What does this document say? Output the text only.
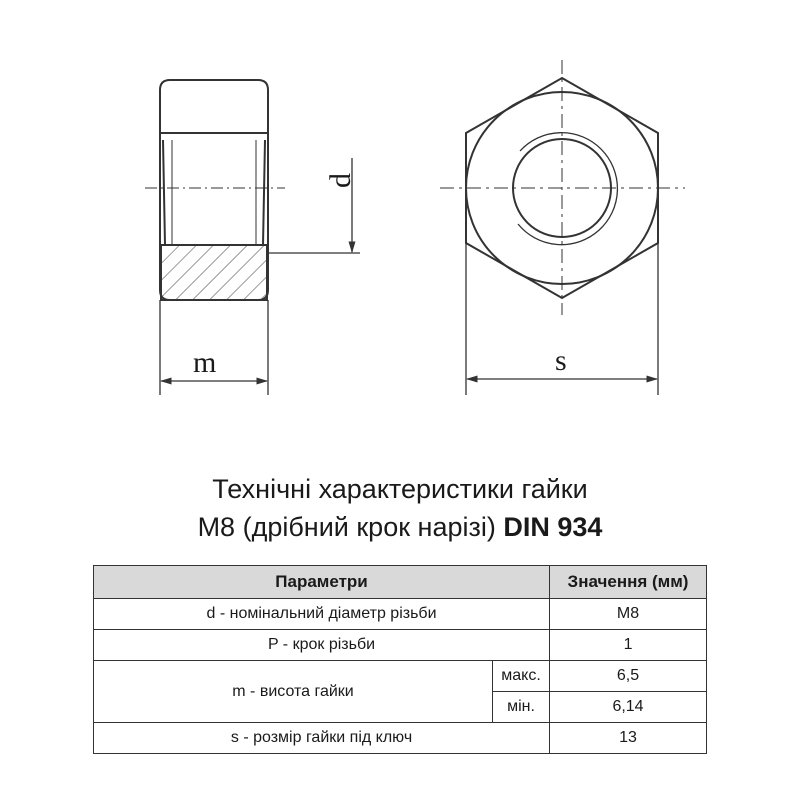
d
m	s
Технічні характеристики гайки
М8 (дрібний крок нарізі) DIN 934
Параметри		Значення (мм)
d - номінальний діаметр різьби		M8
P - крок різьби		1
m - висота гайки	макс.	6,5
	мін.	6,14
s - розмір гайки під ключ		13
